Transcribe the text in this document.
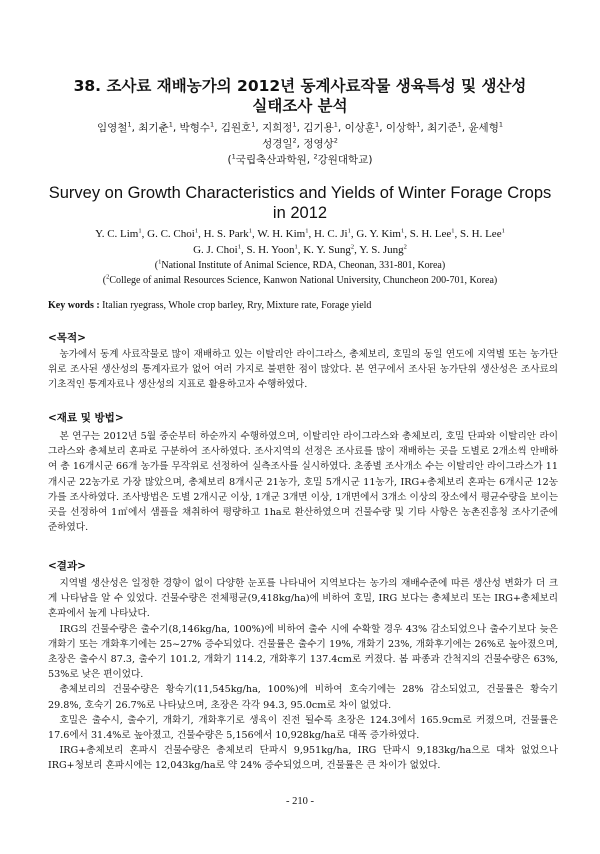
38. 조사료 재배농가의 2012년 동계사료작물 생육특성 및 생산성
실태조사 분석
임영철$^1$, 최기춘$^1$, 박형수$^1$, 김원호$^1$, 지희정$^1$, 김기용$^1$, 이상훈$^1$, 이상학$^1$, 최기준$^1$, 윤세형$^1$
성경일$^2$, 정영상$^2$
($^1$국립축산과학원, $^2$강원대학교)
Survey on Growth Characteristics and Yields of Winter Forage Crops
in 2012
Y. C. Lim$^1$, G. C. Choi$^1$, H. S. Park$^1$, W. H. Kim$^1$, H. C. Ji$^1$, G. Y. Kim$^1$, S. H. Lee$^1$, S. H. Lee$^1$
G. J. Choi$^1$, S. H. Yoon$^1$, K. Y. Sung$^2$, Y. S. Jung$^2$
($^1$National Institute of Animal Science, RDA, Cheonan, 331-801, Korea)
($^2$College of animal Resources Science, Kanwon National University, Chuncheon 200-701, Korea)
Key words : Italian ryegrass, Whole crop barley, Rry, Mixture rate, Forage yield
<목적>

농가에서 동계 사료작물로 많이 재배하고 있는 이탈리안 라이그라스, 총체보리, 호밀의 동일 연도에 지역별 또는 농가단위로 조사된 생산성의 통계자료가 없어 여러 가지로 불편한 점이 많았다. 본 연구에서 조사된 농가단위 생산성은 조사료의 기초적인 통계자료나 생산성의 지표로 활용하고자 수행하였다.

<재료 및 방법>

본 연구는 2012년 5월 중순부터 하순까지 수행하였으며, 이탈리안 라이그라스와 총체보리, 호밀 단파와 이탈리안 라이그라스와 총체보리 혼파로 구분하여 조사하였다. 조사지역의 선정은 조사료를 많이 재배하는 곳을 도별로 2개소씩 안배하여 총 16개시군 66개 농가를 무작위로 선정하여 실측조사를 실시하였다. 초종별 조사개소 수는 이탈리안 라이그라스가 11개시군 22농가로 가장 많았으며, 총체보리 8개시군 21농가, 호밀 5개시군 11농가, IRG+총체보리 혼파는 6개시군 12농가를 조사하였다. 조사방법은 도별 2개시군 이상, 1개군 3개면 이상, 1개면에서 3개소 이상의 장소에서 평균수량을 보이는 곳을 선정하여 1㎡에서 샘플을 채취하여 평량하고 1ha로 환산하였으며 건물수량 및 기타 사항은 농촌진흥청 조사기준에 준하였다.

<결과>

지역별 생산성은 일정한 경향이 없이 다양한 눈포를 나타내어 지역보다는 농가의 재배수준에 따른 생산성 변화가 더 크게 나타남을 알 수 있었다. 건물수량은 전체평균(9,418kg/ha)에 비하여 호밀, IRG 보다는 총체보리 또는 IRG+총체보리 혼파에서 높게 나타났다.

IRG의 건물수량은 출수기(8,146kg/ha, 100%)에 비하여 출수 시에 수확할 경우 43% 감소되었으나 출수기보다 늦은 개화기 또는 개화후기에는 25~27% 증수되었다. 건물률은 출수기 19%, 개화기 23%, 개화후기에는 26%로 높아졌으며, 초장은 출수시 87.3, 출수기 101.2, 개화기 114.2, 개화후기 137.4cm로 커졌다. 봄 파종과 간척지의 건물수량은 63%, 53%로 낮은 편이었다.

총체보리의 건물수량은 황숙기(11,545kg/ha, 100%)에 비하여 호숙기에는 28% 감소되었고, 건물률은 황숙기 29.8%, 호숙기 26.7%로 나타났으며, 초장은 각각 94.3, 95.0cm로 차이 없었다.

호밀은 출수시, 출수기, 개화기, 개화후기로 생육이 진전 될수록 초장은 124.3에서 165.9cm로 커졌으며, 건물률은 17.6에서 31.4%로 높아졌고, 건물수량은 5,156에서 10,928kg/ha로 대폭 증가하였다.

IRG+총체보리 혼파시 건물수량은 총체보리 단파시 9,951kg/ha, IRG 단파시 9,183kg/ha으로 대차 없었으나 IRG+청보리 혼파시에는 12,043kg/ha로 약 24% 증수되었으며, 건물률은 큰 차이가 없었다.

- 210 -
